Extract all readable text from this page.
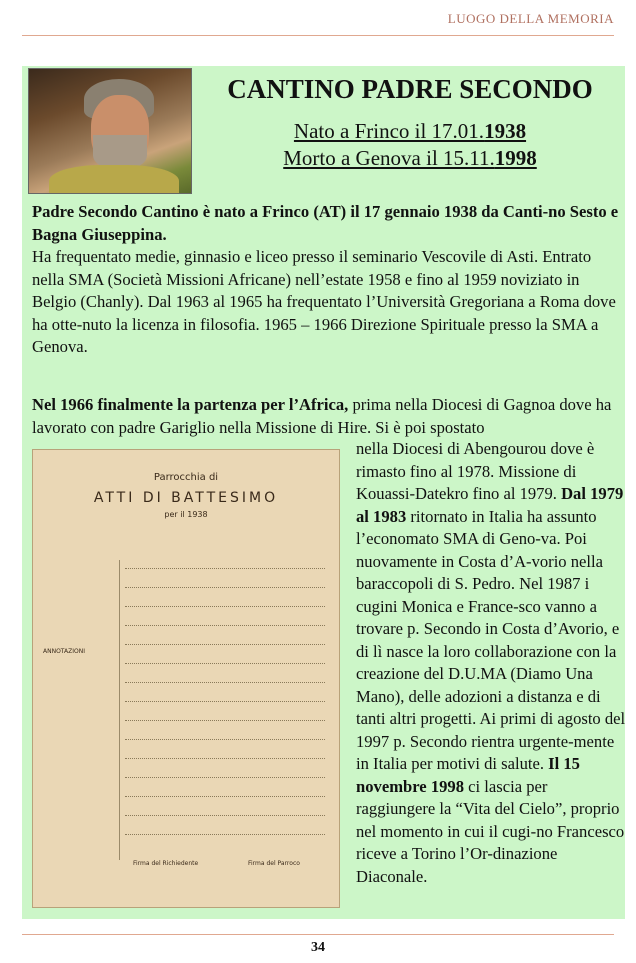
LUOGO DELLA MEMORIA
CANTINO PADRE SECONDO
Nato a Frinco il 17.01.1938
Morto a Genova il 15.11.1998
Padre Secondo Cantino è nato a Frinco (AT) il 17 gennaio 1938 da Canti-no Sesto e Bagna Giuseppina.
Ha frequentato medie, ginnasio e liceo presso il seminario Vescovile di Asti. Entrato nella SMA (Società Missioni Africane) nell’estate 1958 e fino al 1959 noviziato in Belgio (Chanly). Dal 1963 al 1965 ha frequentato l’Università Gregoriana a Roma dove ha otte-nuto la licenza in filosofia. 1965 – 1966 Direzione Spirituale presso la SMA a Genova.
Nel 1966 finalmente la partenza per l’Africa, prima nella Diocesi di Gagnoa dove ha lavorato con padre Gariglio nella Missione di Hire. Si è poi spostato
Parrocchia di
ATTI DI BATTESIMO
per il 1938
ANNOTAZIONI
Firma del Richiedente	Firma del Parroco
nella Diocesi di Abengourou dove è rimasto fino al 1978. Missione di Kouassi-Datekro fino al 1979. Dal 1979 al 1983 ritornato in Italia ha assunto l’economato SMA di Geno-va. Poi nuovamente in Costa d’A-vorio nella baraccopoli di S. Pedro. Nel 1987 i cugini Monica e France-sco vanno a trovare p. Secondo in Costa d’Avorio, e di lì nasce la loro collaborazione con la creazione del D.U.MA (Diamo Una Mano), delle adozioni a distanza e di tanti altri progetti. Ai primi di agosto del 1997 p. Secondo rientra urgente-mente in Italia per motivi di salute. Il 15 novembre 1998 ci lascia per raggiungere la “Vita del Cielo”, proprio nel momento in cui il cugi-no Francesco riceve a Torino l’Or-dinazione Diaconale.
34
